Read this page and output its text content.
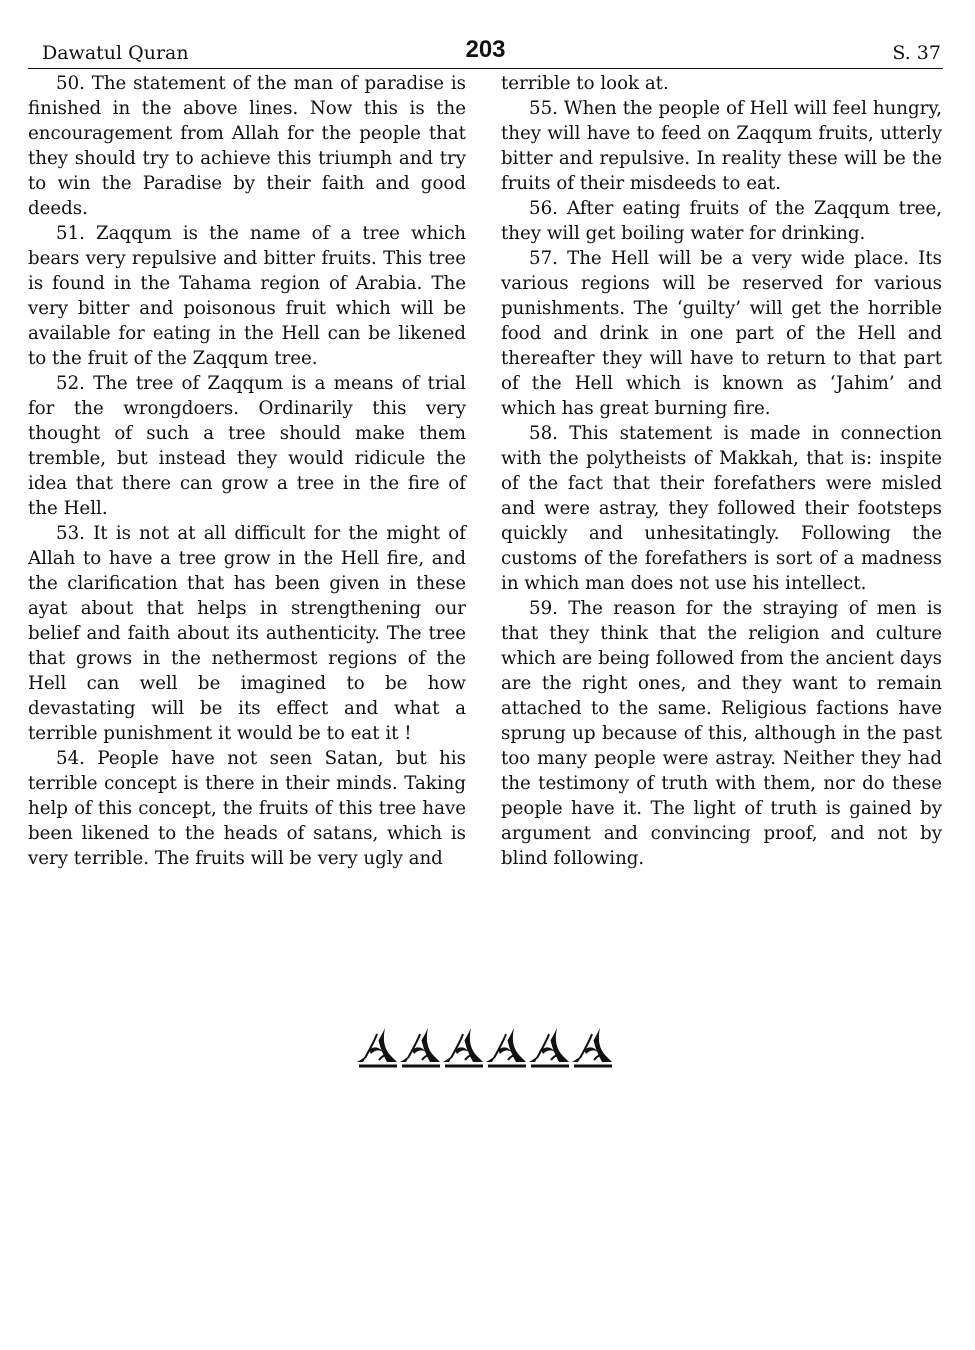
Dawatul Quran	203	S. 37

50. The statement of the man of paradise is finished in the above lines. Now this is the encouragement from Allah for the people that they should try to achieve this triumph and try to win the Paradise by their faith and good deeds.

51. Zaqqum is the name of a tree which bears very repulsive and bitter fruits. This tree is found in the Tahama region of Arabia. The very bitter and poisonous fruit which will be available for eating in the Hell can be likened to the fruit of the Zaqqum tree.

52. The tree of Zaqqum is a means of trial for the wrongdoers. Ordinarily this very thought of such a tree should make them tremble, but instead they would ridicule the idea that there can grow a tree in the fire of the Hell.

53. It is not at all difficult for the might of Allah to have a tree grow in the Hell fire, and the clarification that has been given in these ayat about that helps in strengthening our belief and faith about its authenticity. The tree that grows in the nethermost regions of the Hell can well be imagined to be how devastating will be its effect and what a terrible punishment it would be to eat it !

54. People have not seen Satan, but his terrible concept is there in their minds. Taking help of this concept, the fruits of this tree have been likened to the heads of satans, which is very terrible. The fruits will be very ugly and

terrible to look at.

55. When the people of Hell will feel hungry, they will have to feed on Zaqqum fruits, utterly bitter and repulsive. In reality these will be the fruits of their misdeeds to eat.

56. After eating fruits of the Zaqqum tree, they will get boiling water for drinking.

57. The Hell will be a very wide place. Its various regions will be reserved for various punishments. The ‘guilty’ will get the horrible food and drink in one part of the Hell and thereafter they will have to return to that part of the Hell which is known as ‘Jahim’ and which has great burning fire.

58. This statement is made in connection with the polytheists of Makkah, that is: inspite of the fact that their forefathers were misled and were astray, they followed their footsteps quickly and unhesitatingly. Following the customs of the forefathers is sort of a madness in which man does not use his intellect.

59. The reason for the straying of men is that they think that the religion and culture which are being followed from the ancient days are the right ones, and they want to remain attached to the same. Religious factions have sprung up because of this, although in the past too many people were astray. Neither they had the testimony of truth with them, nor do these people have it. The light of truth is gained by argument and convincing proof, and not by blind following.
